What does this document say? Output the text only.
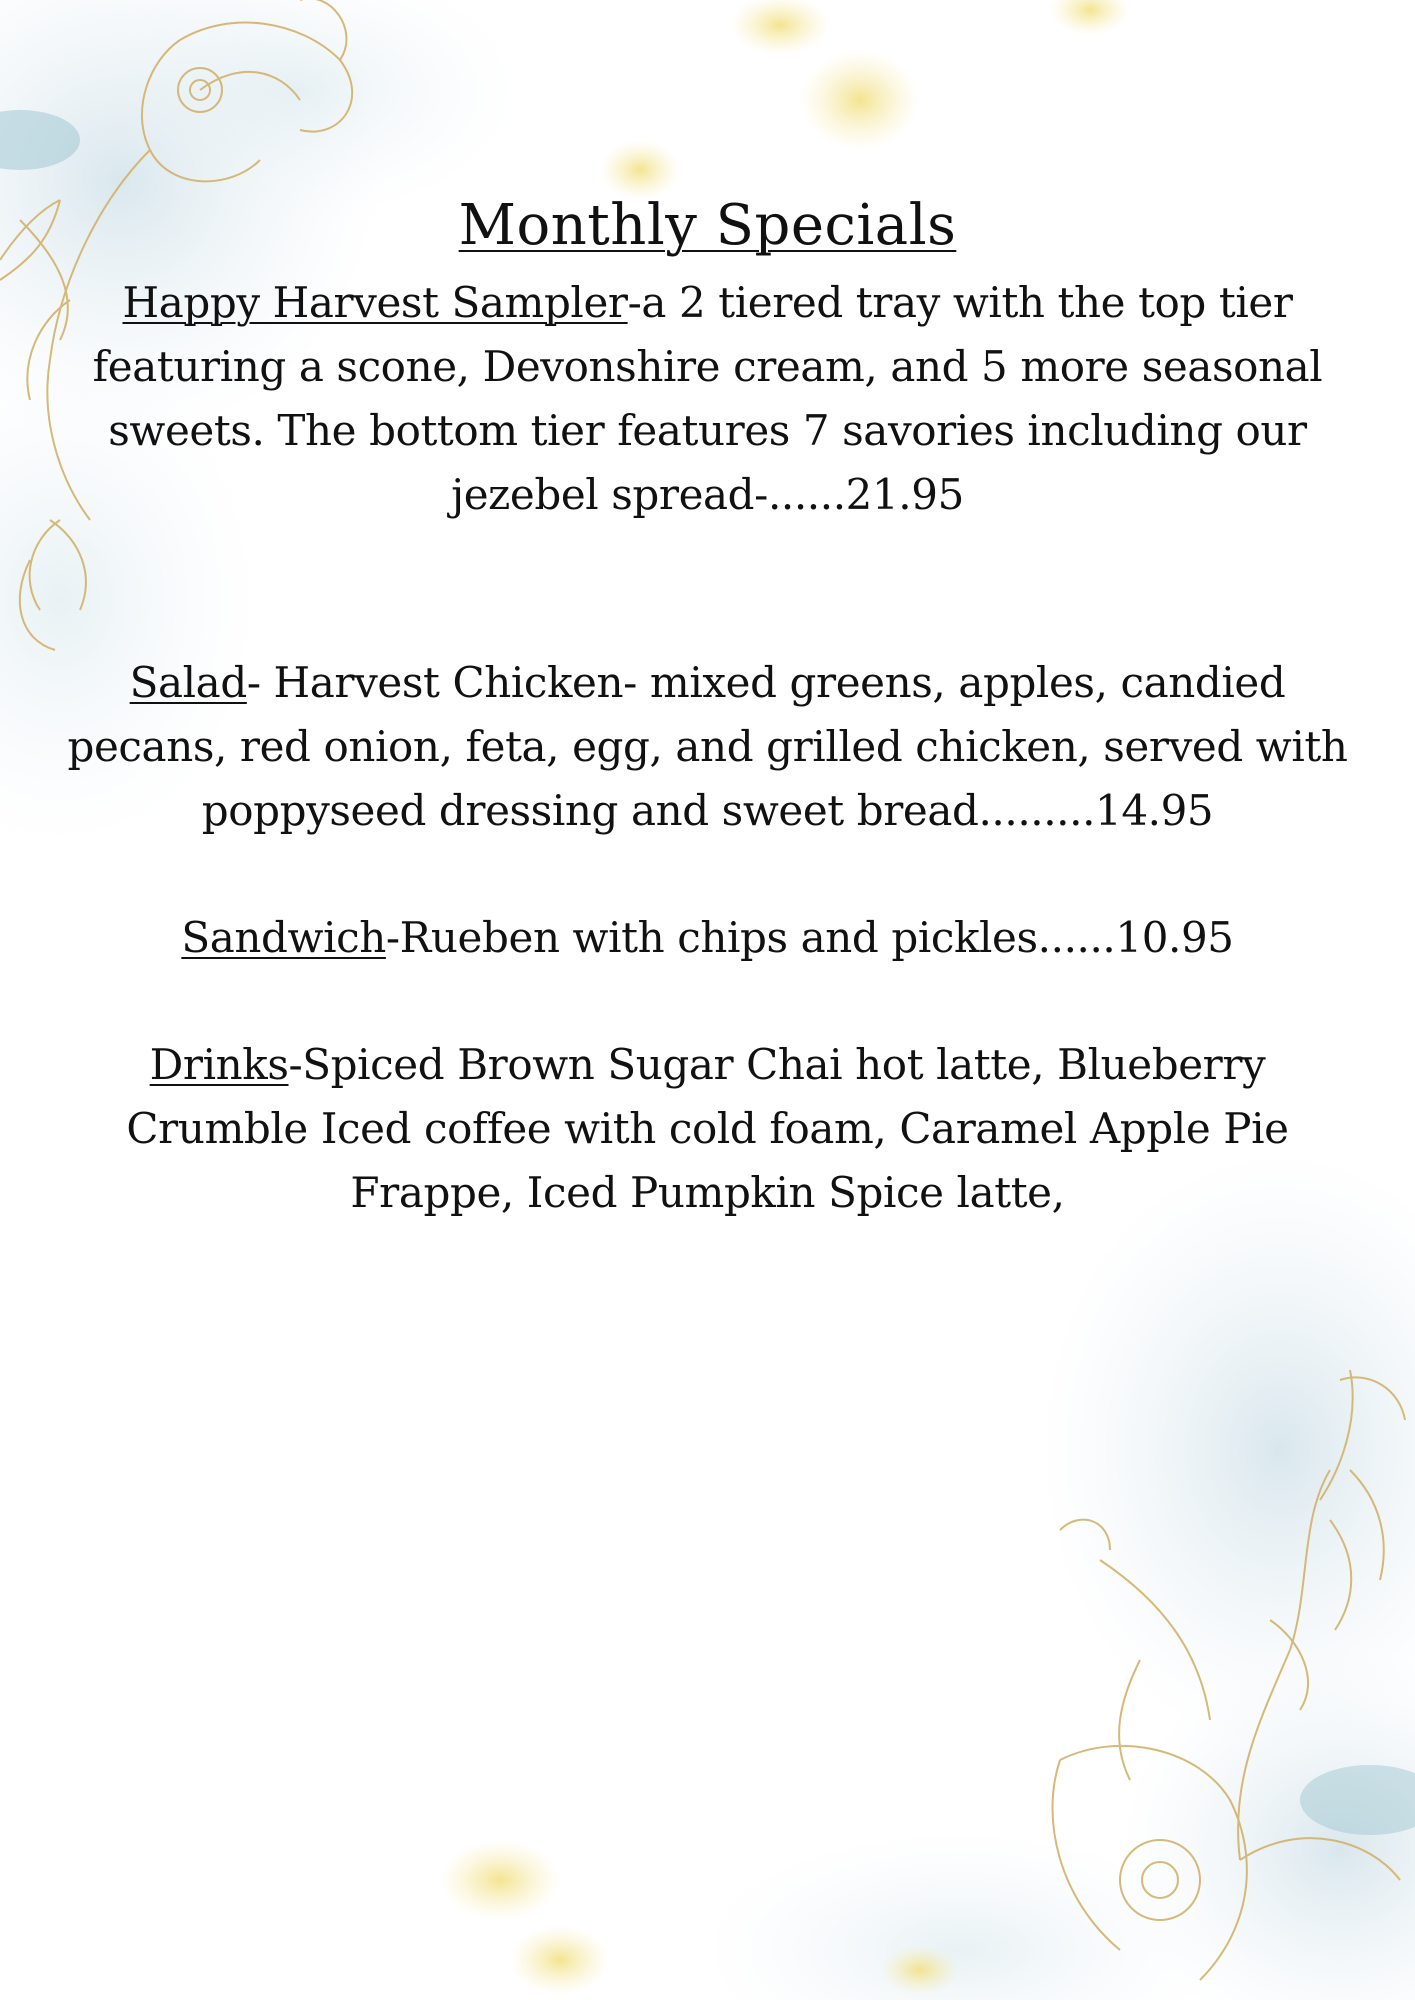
Monthly Specials
Happy Harvest Sampler-a 2 tiered tray with the top tier featuring a scone, Devonshire cream, and 5 more seasonal sweets. The bottom tier features 7 savories including our jezebel spread-......21.95
Salad- Harvest Chicken- mixed greens, apples, candied pecans, red onion, feta, egg, and grilled chicken, served with poppyseed dressing and sweet bread.........14.95
Sandwich-Rueben with chips and pickles......10.95
Drinks-Spiced Brown Sugar Chai hot latte, Blueberry Crumble Iced coffee with cold foam, Caramel Apple Pie Frappe, Iced Pumpkin Spice latte,
